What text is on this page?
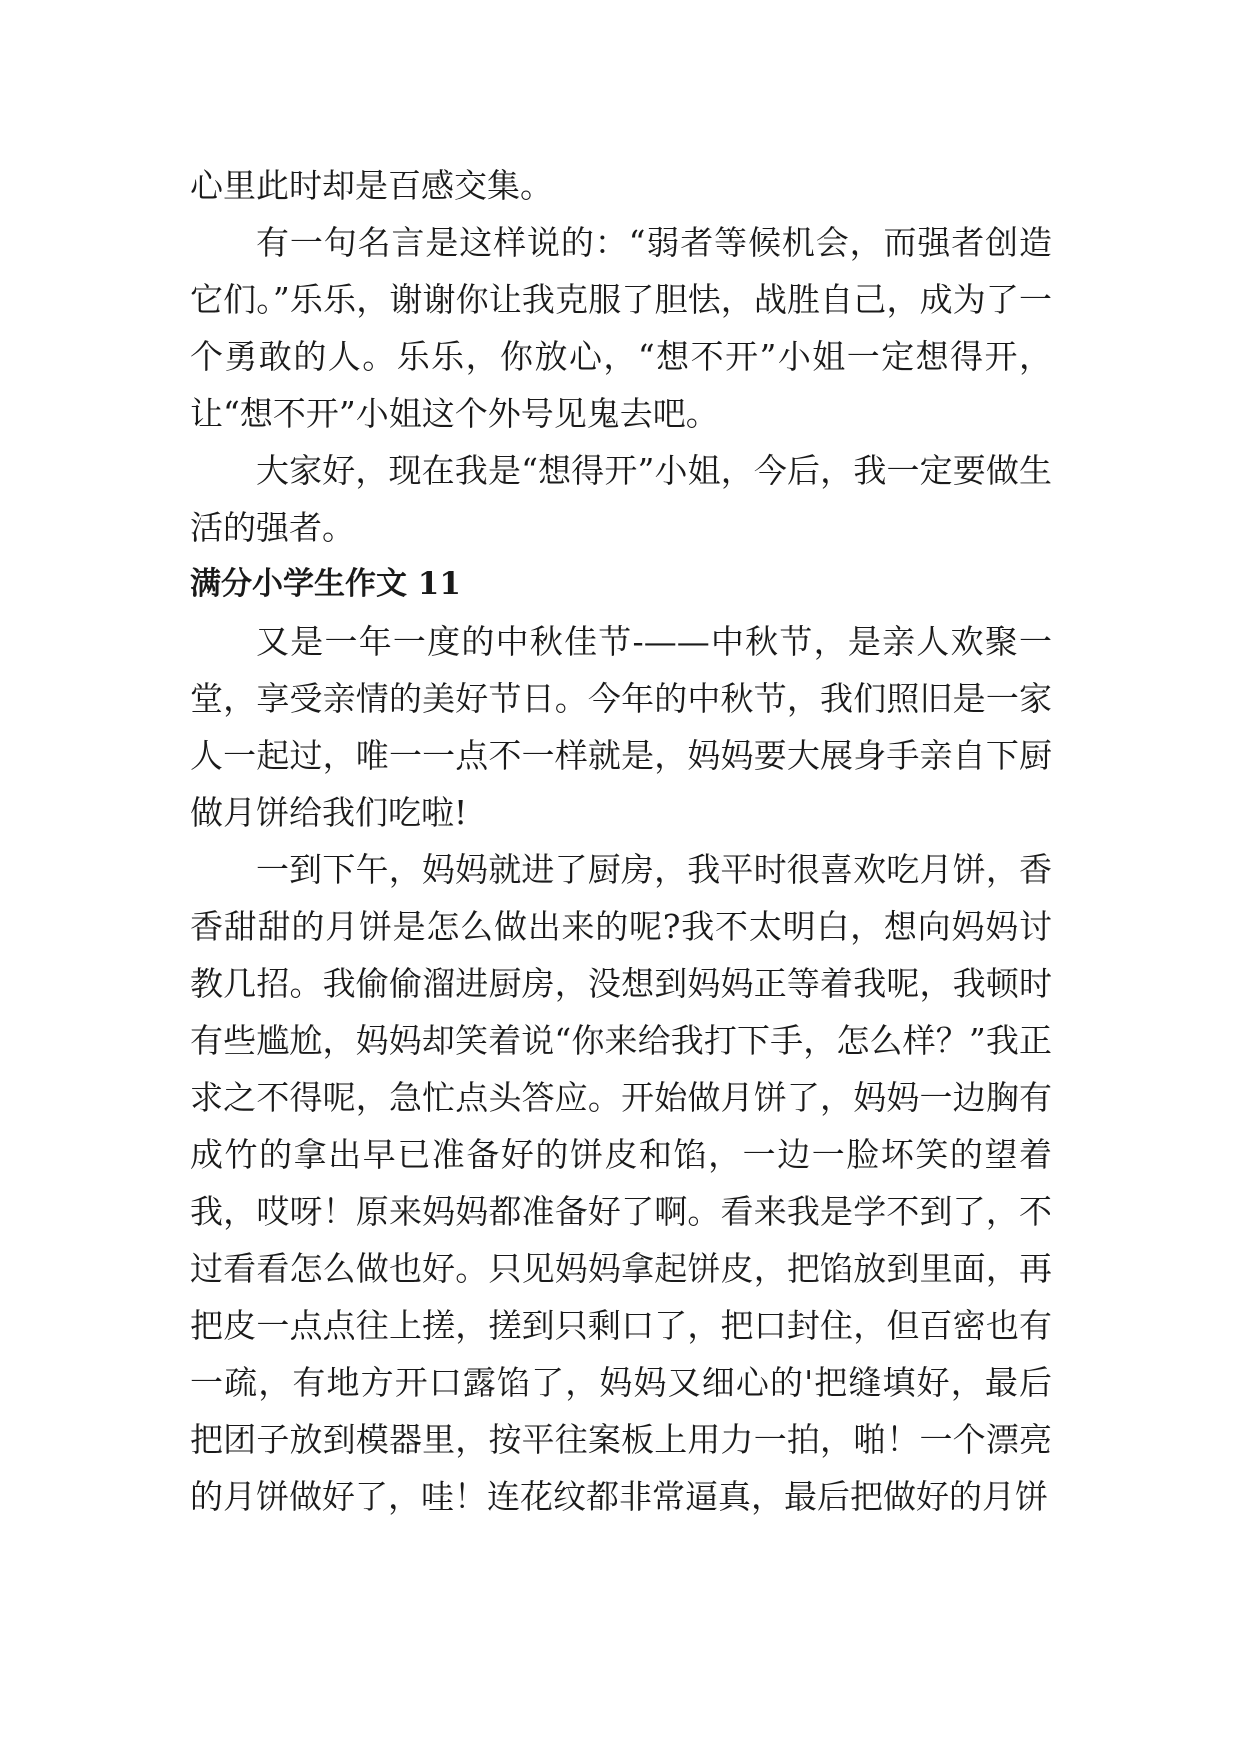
心里此时却是百感交集。

有一句名言是这样说的：“弱者等候机会，而强者创造它们。”乐乐，谢谢你让我克服了胆怯，战胜自己，成为了一个勇敢的人。乐乐，你放心，“想不开”小姐一定想得开，让“想不开”小姐这个外号见鬼去吧。

大家好，现在我是“想得开”小姐，今后，我一定要做生活的强者。

满分小学生作文 11

又是一年一度的中秋佳节-——中秋节，是亲人欢聚一堂，享受亲情的美好节日。今年的中秋节，我们照旧是一家人一起过，唯一一点不一样就是，妈妈要大展身手亲自下厨做月饼给我们吃啦!

一到下午，妈妈就进了厨房，我平时很喜欢吃月饼，香香甜甜的月饼是怎么做出来的呢?我不太明白，想向妈妈讨教几招。我偷偷溜进厨房，没想到妈妈正等着我呢，我顿时有些尴尬，妈妈却笑着说“你来给我打下手，怎么样？”我正求之不得呢，急忙点头答应。开始做月饼了，妈妈一边胸有成竹的拿出早已准备好的饼皮和馅，一边一脸坏笑的望着我，哎呀！原来妈妈都准备好了啊。看来我是学不到了，不过看看怎么做也好。只见妈妈拿起饼皮，把馅放到里面，再把皮一点点往上搓，搓到只剩口了，把口封住，但百密也有一疏，有地方开口露馅了，妈妈又细心的'把缝填好，最后把团子放到模器里，按平往案板上用力一拍，啪！一个漂亮的月饼做好了，哇！连花纹都非常逼真，最后把做好的月饼
